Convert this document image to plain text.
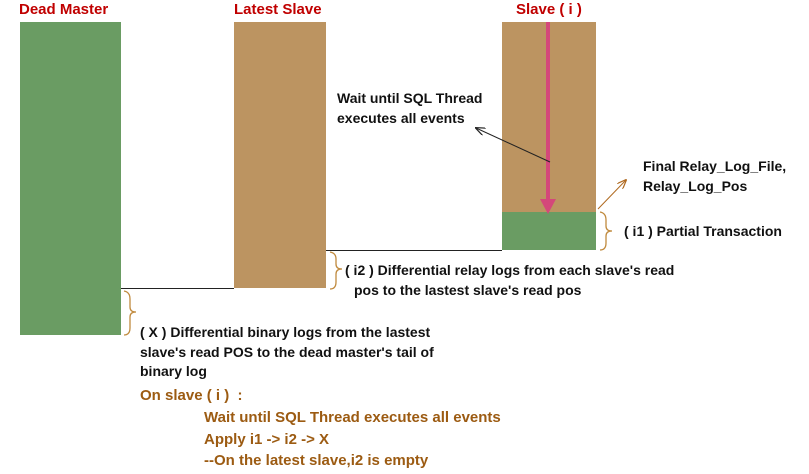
Dead Master	Latest Slave	Slave ( i )
Wait until SQL Thread
executes all events
Final Relay_Log_File,
Relay_Log_Pos
( i1 ) Partial Transaction
( i2 ) Differential relay logs from each slave's read
pos to the lastest slave's read pos
( X ) Differential binary logs from the lastest
slave's read POS to the dead master's tail of
binary log
On slave ( i )  :
Wait until SQL Thread executes all events
Apply i1 -> i2 -> X
--On the latest slave,i2 is empty
